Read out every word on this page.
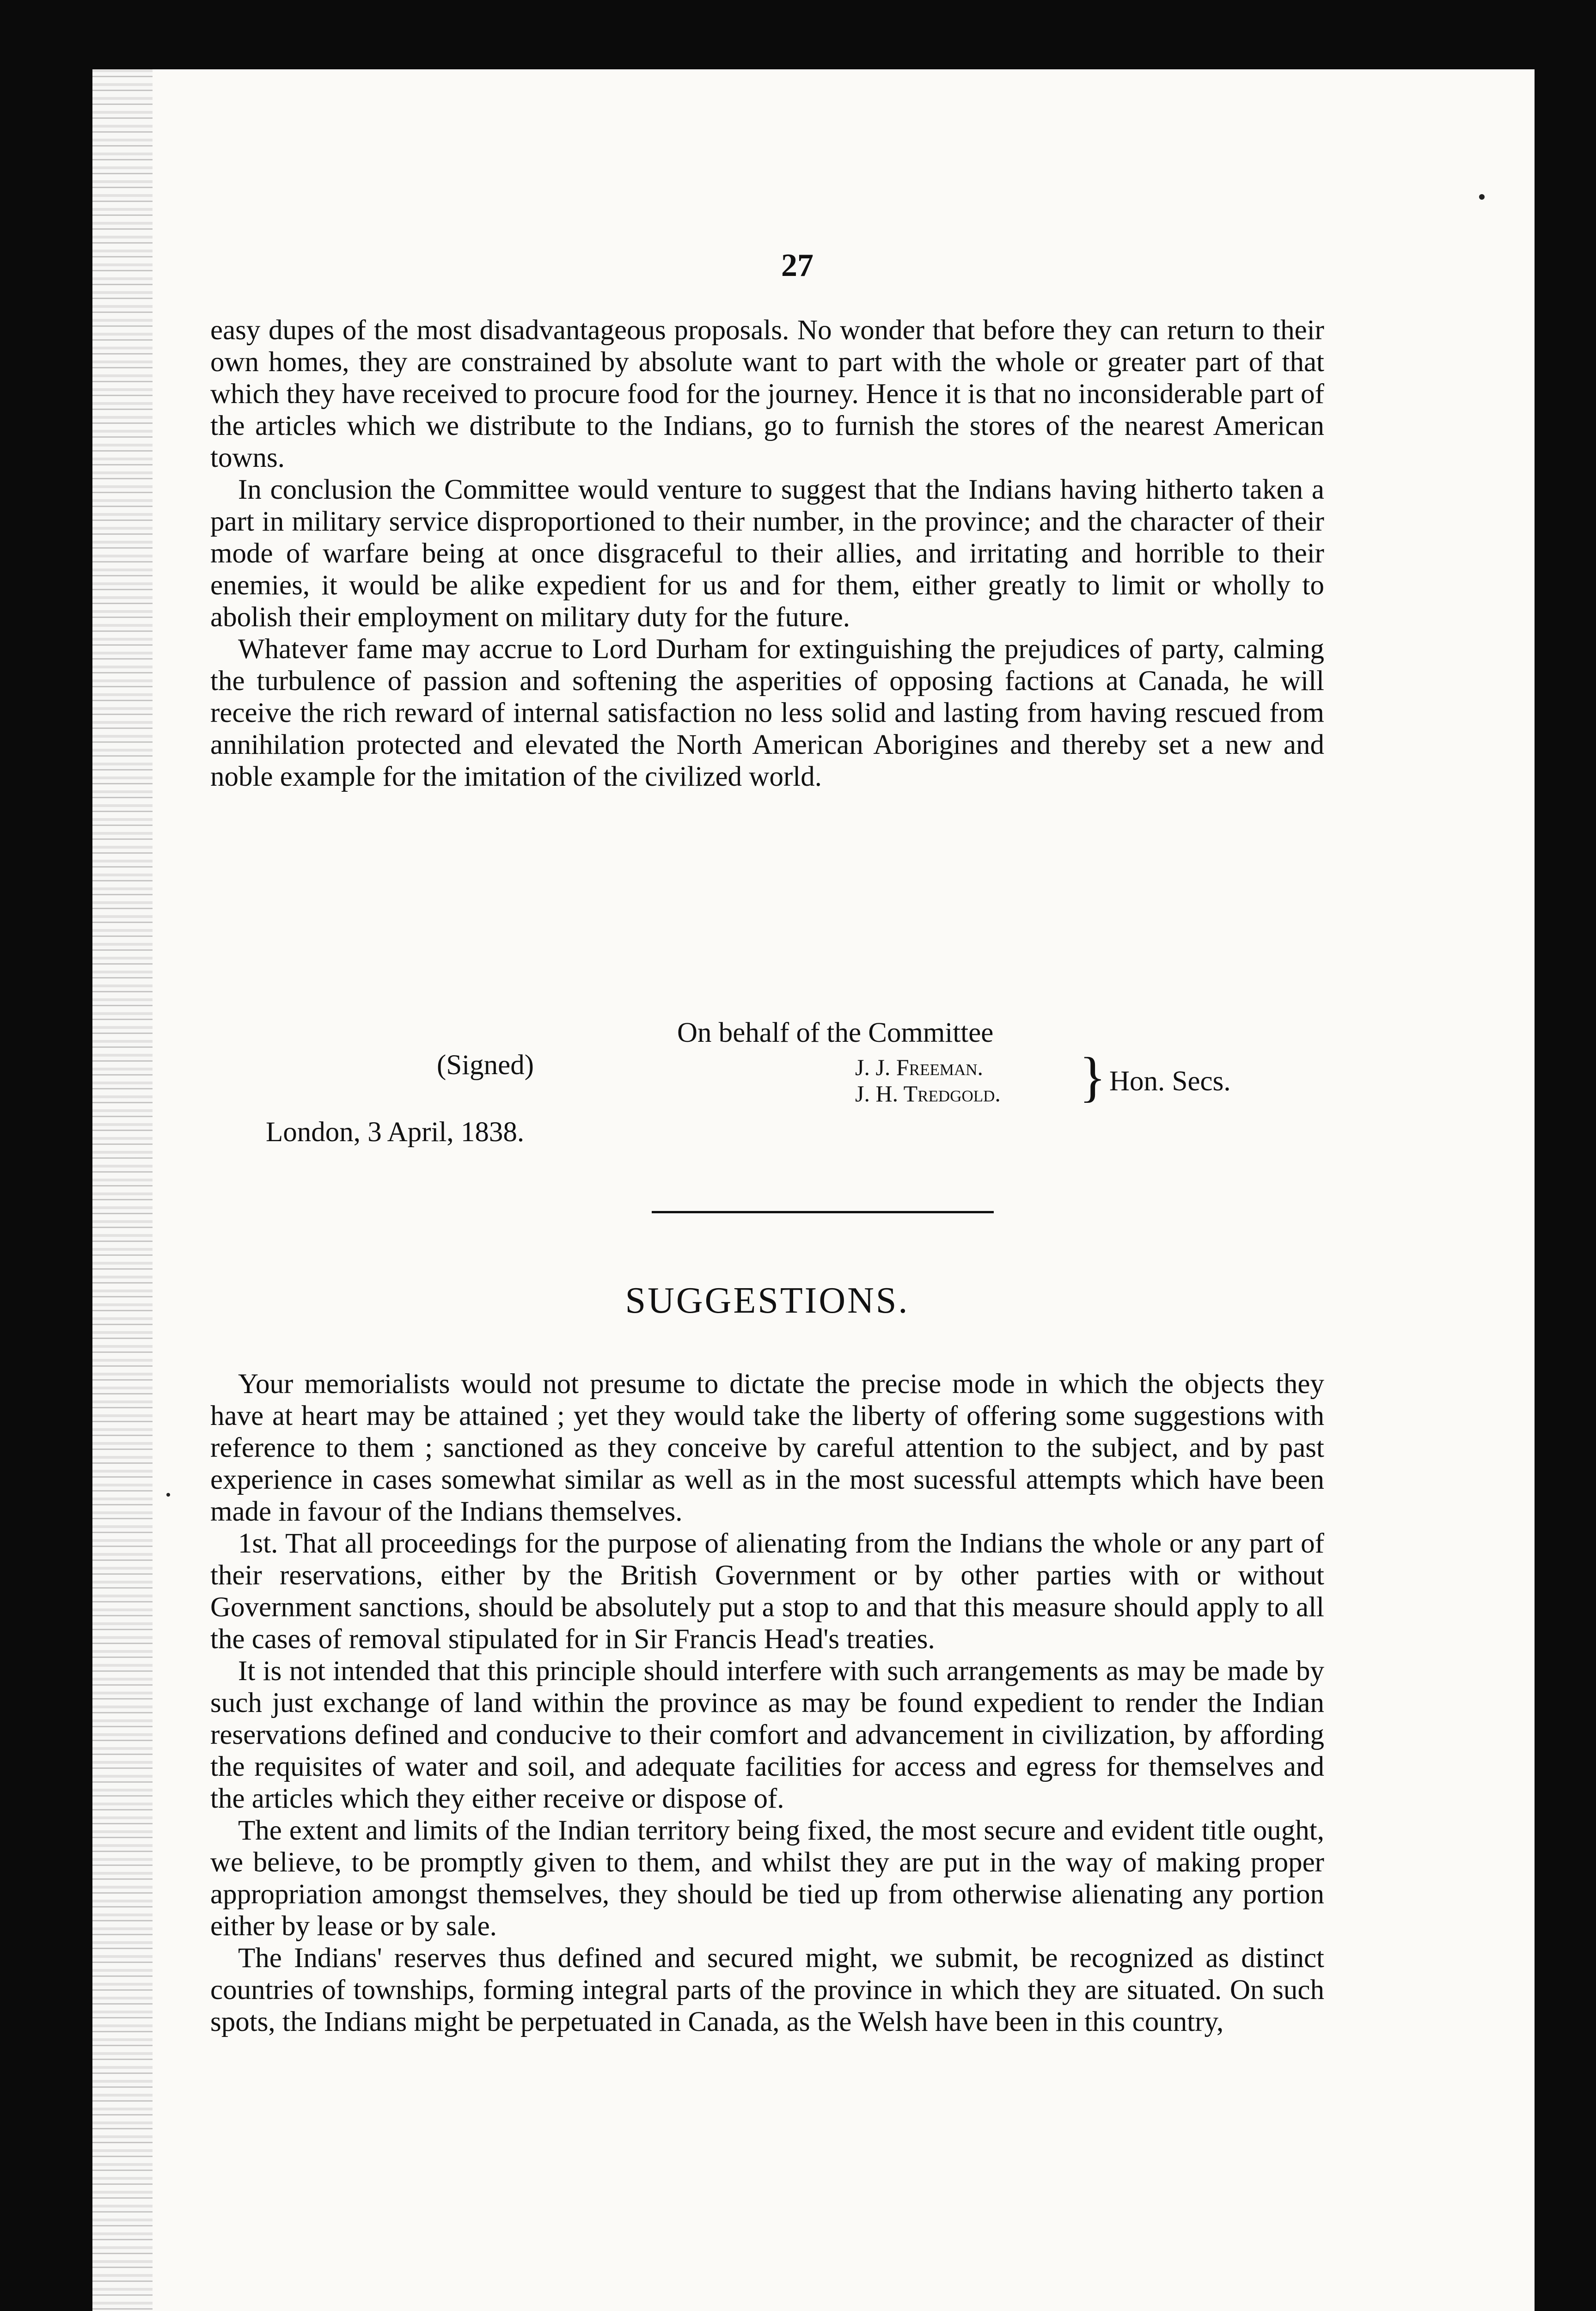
27

easy dupes of the most disadvantageous proposals. No wonder that before they can return to their own homes, they are constrained by absolute want to part with the whole or greater part of that which they have received to procure food for the journey. Hence it is that no inconsiderable part of the articles which we distribute to the Indians, go to furnish the stores of the nearest American towns.

In conclusion the Committee would venture to suggest that the Indians having hitherto taken a part in military service disproportioned to their number, in the province; and the character of their mode of warfare being at once disgraceful to their allies, and irritating and horrible to their enemies, it would be alike expedient for us and for them, either greatly to limit or wholly to abolish their employment on military duty for the future.

Whatever fame may accrue to Lord Durham for extinguishing the prejudices of party, calming the turbulence of passion and softening the asperities of opposing factions at Canada, he will receive the rich reward of internal satisfaction no less solid and lasting from having rescued from annihilation protected and elevated the North American Aborigines and thereby set a new and noble example for the imitation of the civilized world.

On behalf of the Committee
(Signed)	J. J. Freeman.
J. H. Tredgold. } Hon. Secs.
London, 3 April, 1838.
SUGGESTIONS.

Your memorialists would not presume to dictate the precise mode in which the objects they have at heart may be attained ; yet they would take the liberty of offering some suggestions with reference to them ; sanctioned as they conceive by careful attention to the subject, and by past experience in cases somewhat similar as well as in the most sucessful attempts which have been made in favour of the Indians themselves.

1st. That all proceedings for the purpose of alienating from the Indians the whole or any part of their reservations, either by the British Government or by other parties with or without Government sanctions, should be absolutely put a stop to and that this measure should apply to all the cases of removal stipulated for in Sir Francis Head's treaties.

It is not intended that this principle should interfere with such arrangements as may be made by such just exchange of land within the province as may be found expedient to render the Indian reservations defined and conducive to their comfort and advancement in civilization, by affording the requisites of water and soil, and adequate facilities for access and egress for themselves and the articles which they either receive or dispose of.

The extent and limits of the Indian territory being fixed, the most secure and evident title ought, we believe, to be promptly given to them, and whilst they are put in the way of making proper appropriation amongst themselves, they should be tied up from otherwise alienating any portion either by lease or by sale.

The Indians' reserves thus defined and secured might, we submit, be recognized as distinct countries of townships, forming integral parts of the province in which they are situated. On such spots, the Indians might be perpetuated in Canada, as the Welsh have been in this country,
